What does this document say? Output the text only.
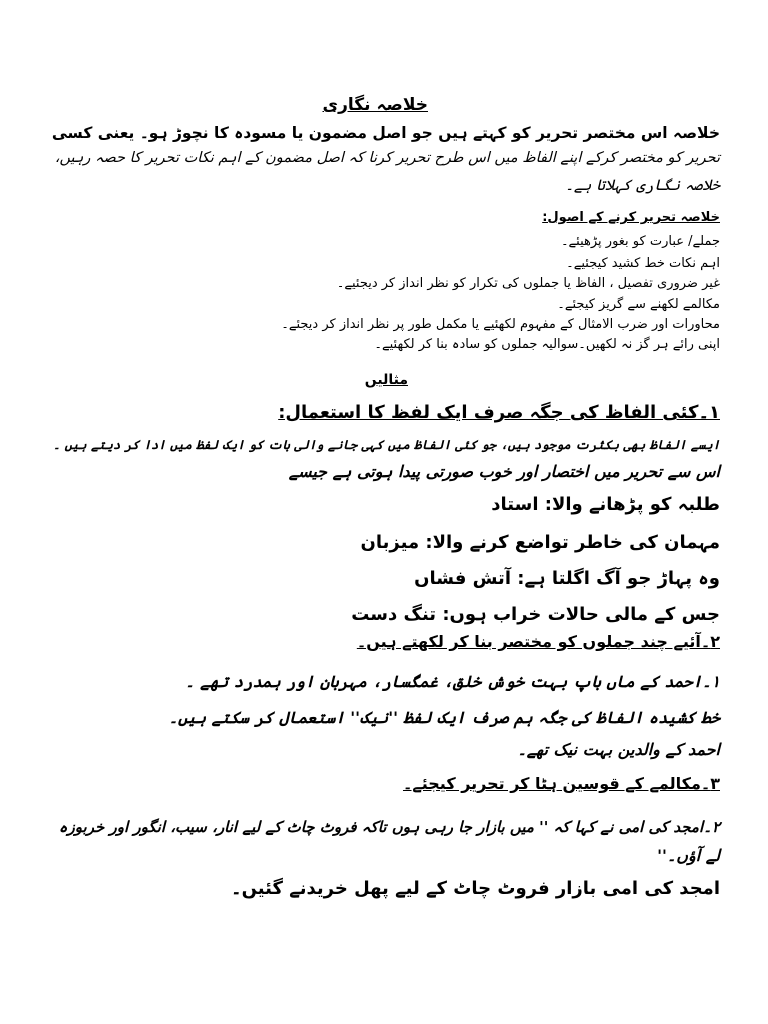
خلاصہ نگاری
خلاصہ اس مختصر تحریر کو کہتے ہیں جو اصل مضمون یا مسودہ کا نچوڑ ہو۔ یعنی کسی
تحریر کو مختصر کرکے اپنے الفاظ میں اس طرح تحریر کرنا کہ اصل مضمون کے اہم نکات تحریر کا حصہ رہیں،
خلاصہ نگاری کہلاتا ہے۔
خلاصہ تحریر کرنے کے اصول:
جملے/ عبارت کو بغور پڑھیئے۔
اہم نکات خط کشید کیجئیے۔
غیر ضروری تفصیل ، الفاظ یا جملوں کی تکرار کو نظر انداز کر دیجئیے۔
مکالمے لکھنے سے گریز کیجئے۔
محاورات اور ضرب الامثال کے مفہوم لکھئیے یا مکمل طور پر نظر انداز کر دیجئے۔
اپنی رائے ہر گز نہ لکھیں۔سوالیہ جملوں کو سادہ بنا کر لکھئیے۔
مثالیں
١۔کئی الفاظ کی جگہ صرف ایک لفظ کا استعمال:
ایسے الفاظ بھی بکثرت موجود ہیں، جو کئی الفاظ میں کہی جانے والی بات کو ایک لفظ میں ادا کر دیتے ہیں ۔
اس سے تحریر میں اختصار اور خوب صورتی پیدا ہوتی ہے جیسے
طلبہ کو پڑھانے والا: استاد
مہمان کی خاطر تواضع کرنے والا: میزبان
وہ پہاڑ جو آگ اگلتا ہے: آتش فشاں
جس کے مالی حالات خراب ہوں: تنگ دست
٢۔آئیے چند جملوں کو مختصر بنا کر لکھتے ہیں۔
١۔احمد کے ماں باپ بہت خوش خلق، غمگسار، مہربان اور ہمدرد تھے ۔
خط کشیدہ الفاظ کی جگہ ہم صرف ایک لفظ ''نیک'' استعمال کر سکتے ہیں۔
احمد کے والدین بہت نیک تھے۔
٣۔مکالمے کے قوسین ہٹا کر تحریر کیجئے۔
٢۔امجد کی امی نے کہا کہ '' میں بازار جا رہی ہوں تاکہ فروٹ چاٹ کے لیے انار، سیب، انگور اور خربوزہ
لے آؤں۔''
امجد کی امی بازار فروٹ چاٹ کے لیے پھل خریدنے گئیں۔
